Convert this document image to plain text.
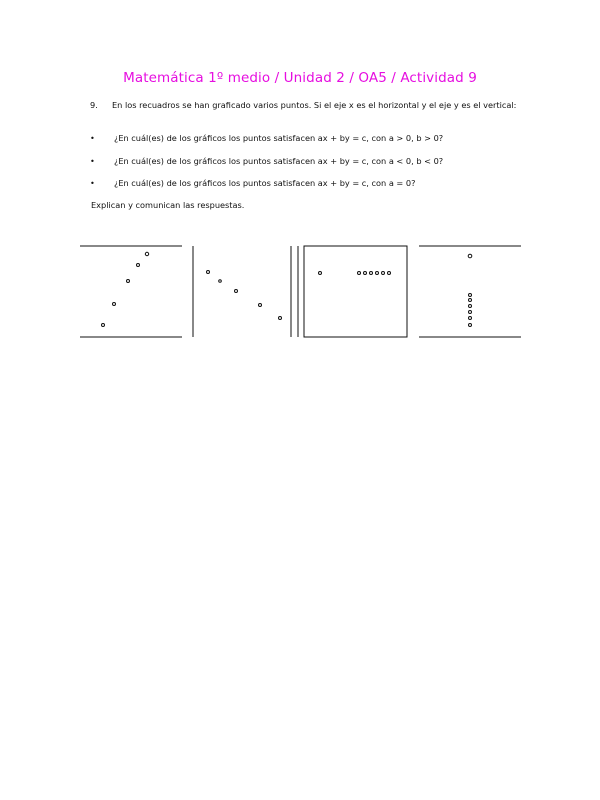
Matemática 1º medio / Unidad 2 / OA5 / Actividad 9
9. En los recuadros se han graficado varios puntos. Si el eje x es el horizontal y el eje y es el vertical:
• ¿En cuál(es) de los gráficos los puntos satisfacen ax + by = c, con a > 0, b > 0?
• ¿En cuál(es) de los gráficos los puntos satisfacen ax + by = c, con a < 0, b < 0?
• ¿En cuál(es) de los gráficos los puntos satisfacen ax + by = c, con a = 0?
Explican y comunican las respuestas.
